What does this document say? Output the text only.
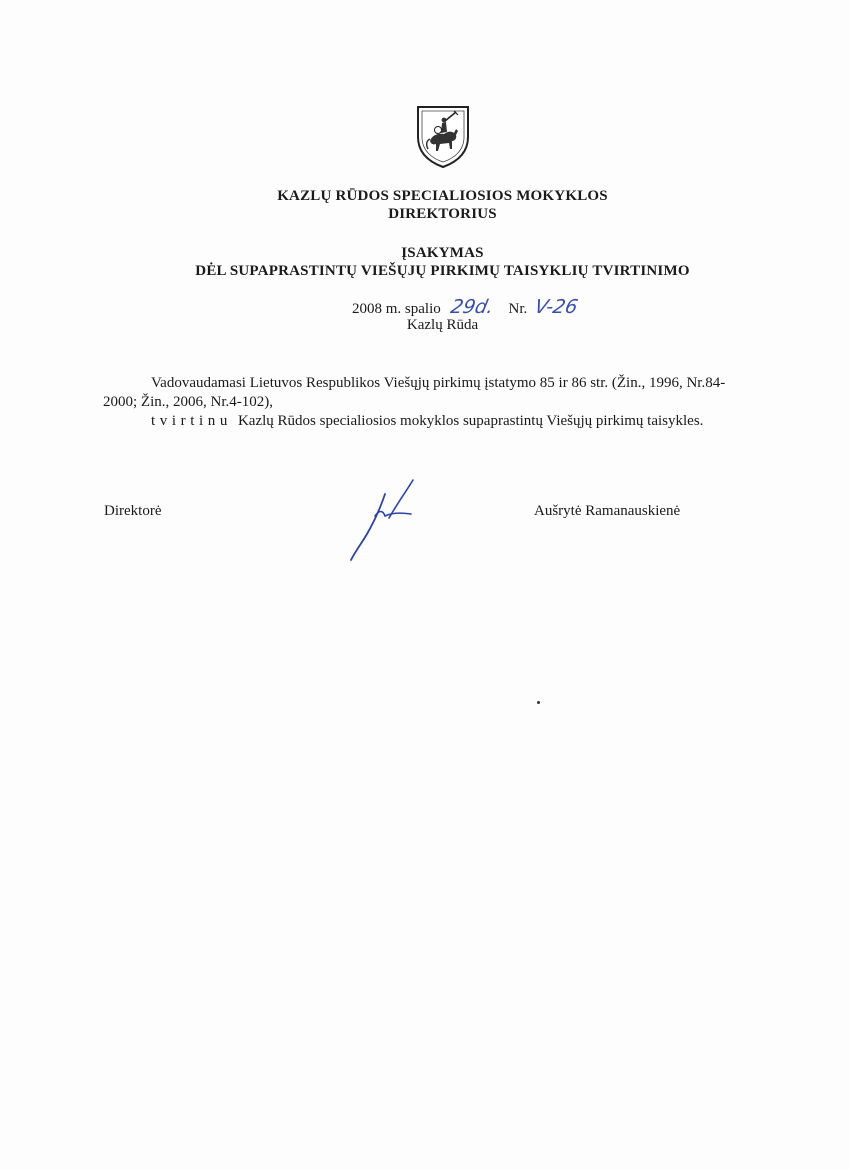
KAZLŲ RŪDOS SPECIALIOSIOS MOKYKLOS
DIREKTORIUS
ĮSAKYMAS
DĖL SUPAPRASTINTŲ VIEŠŲJŲ PIRKIMŲ TAISYKLIŲ TVIRTINIMO
2008 m. spalio 29d. Nr. V-26
Kazlų Rūda

Vadovaudamasi Lietuvos Respublikos Viešųjų pirkimų įstatymo 85 ir 86 str. (Žin., 1996, Nr.84-2000; Žin., 2006, Nr.4-102),

tvirtinu Kazlų Rūdos specialiosios mokyklos supaprastintų Viešųjų pirkimų taisykles.

Direktorė	Aušrytė Ramanauskienė
